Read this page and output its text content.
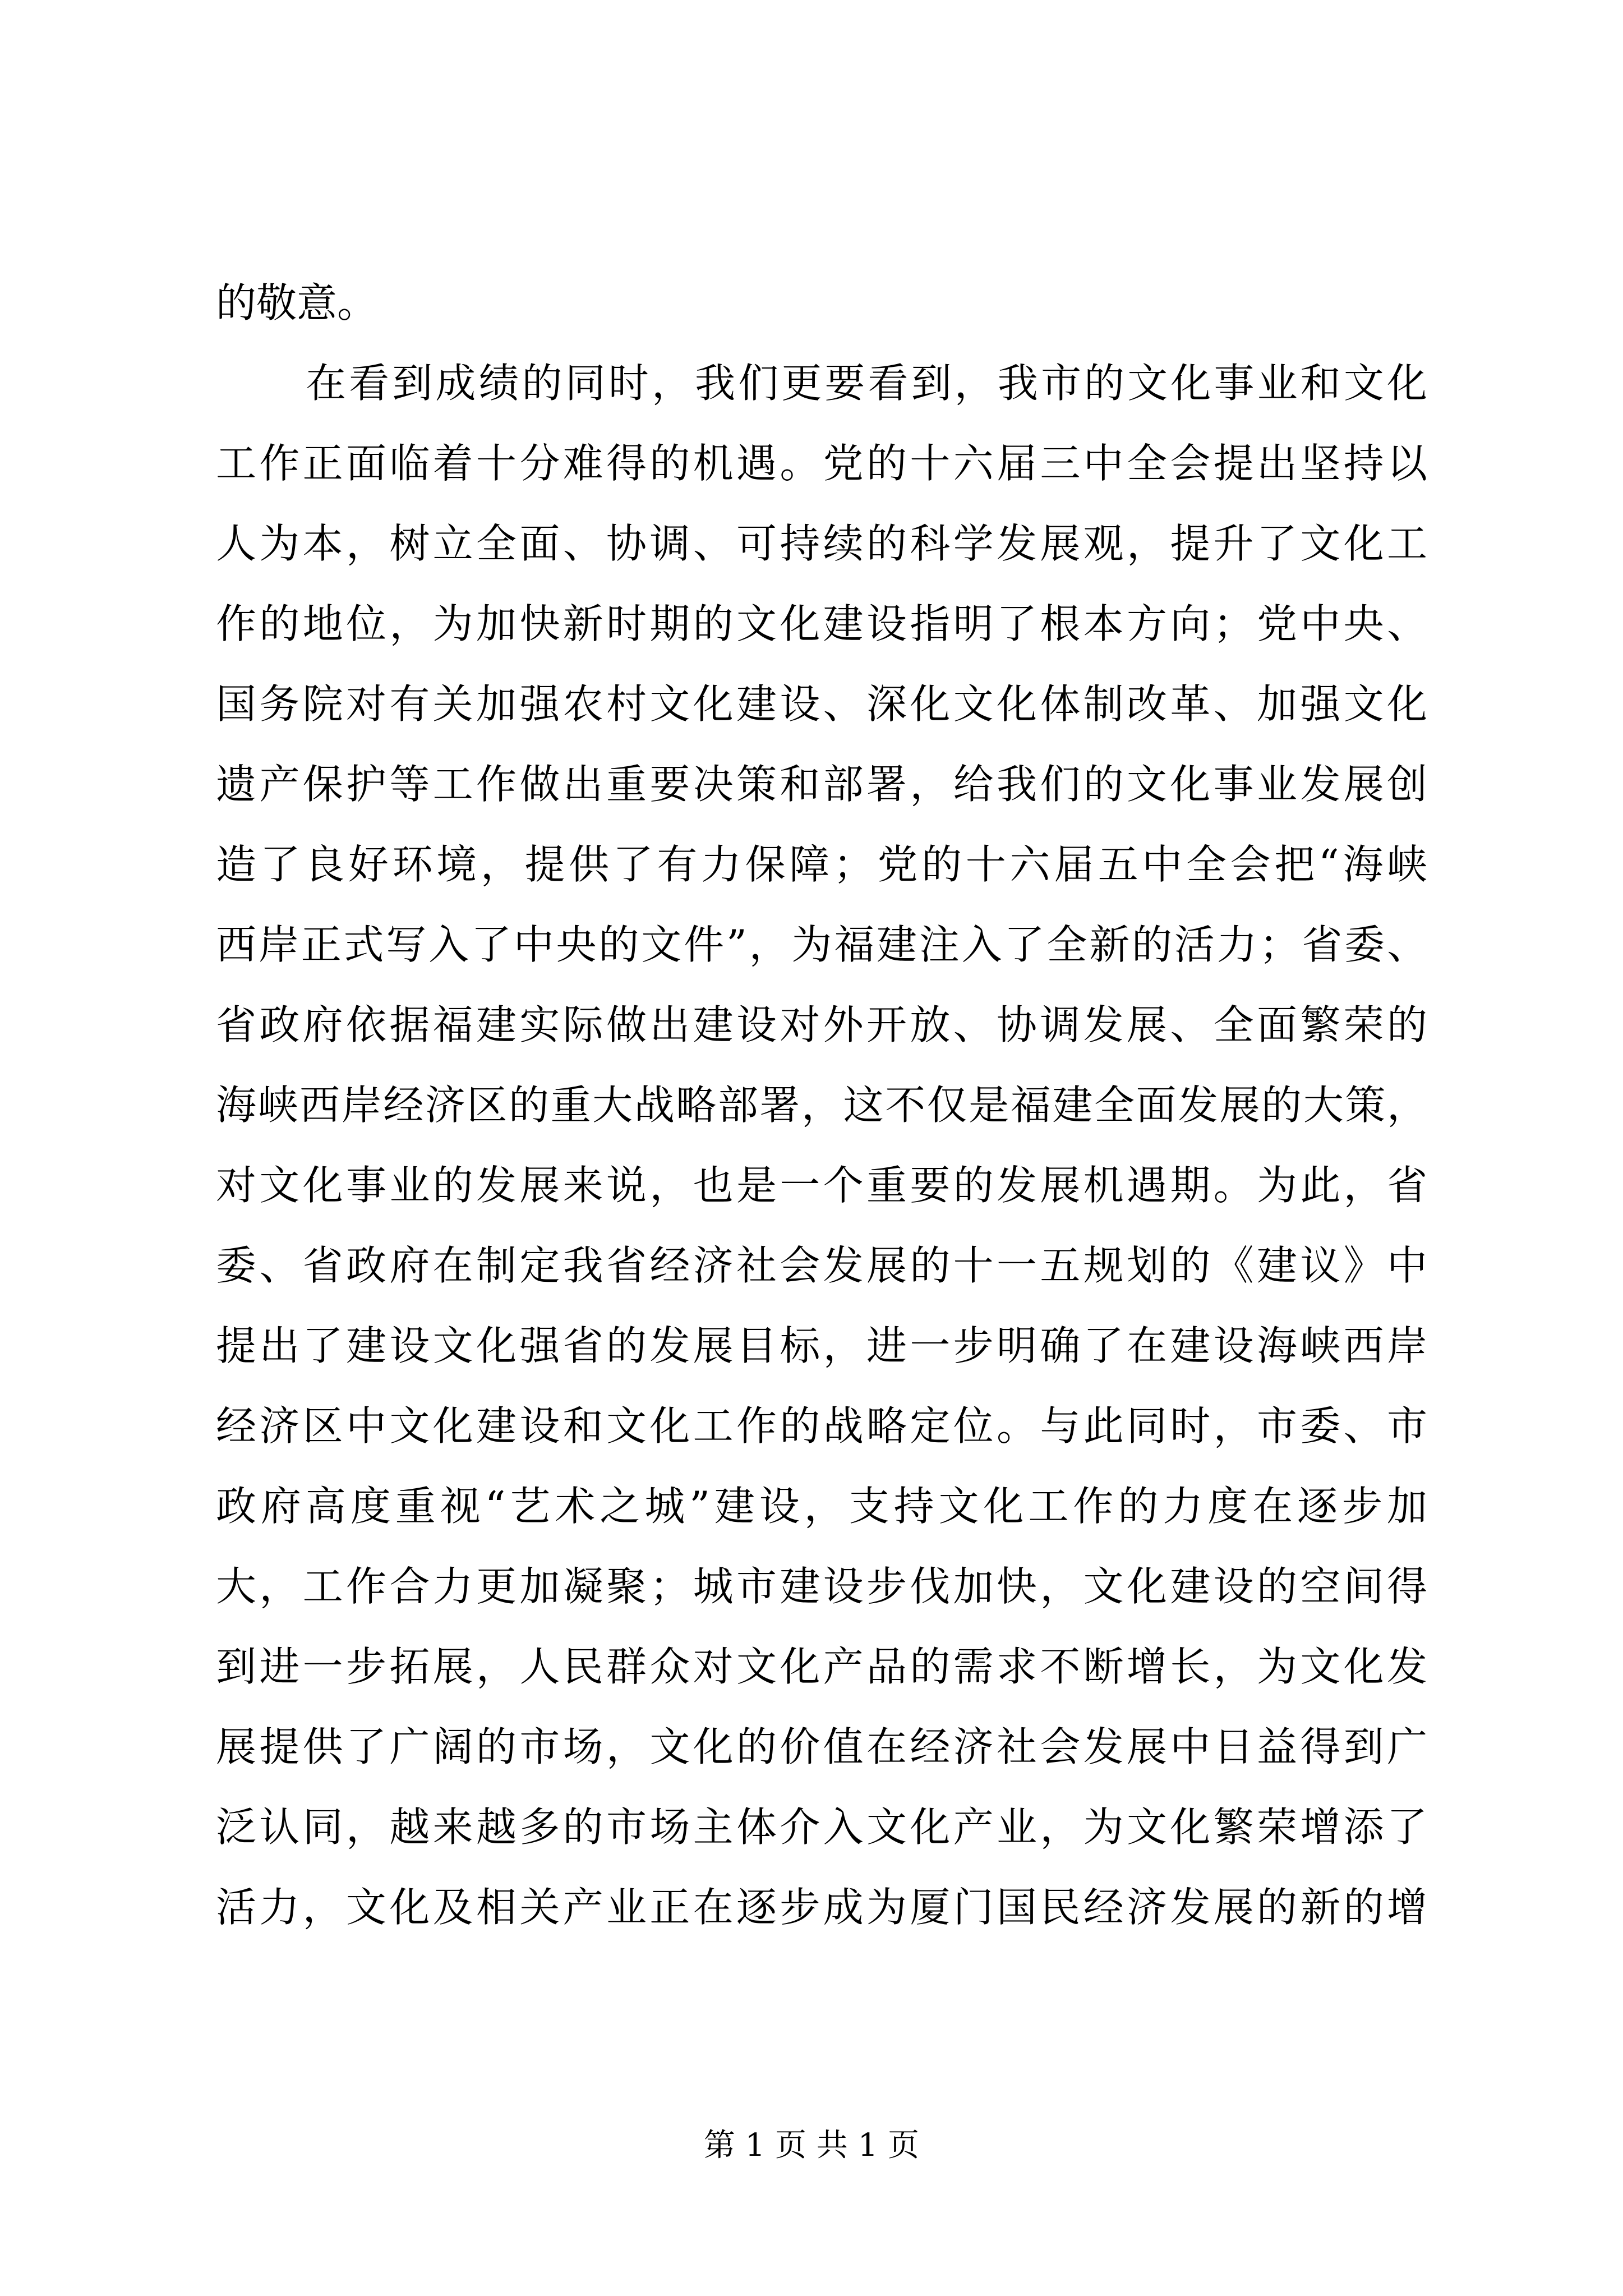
的敬意。
在看到成绩的同时，我们更要看到，我市的文化事业和文化
工作正面临着十分难得的机遇。党的十六届三中全会提出坚持以
人为本，树立全面、协调、可持续的科学发展观，提升了文化工
作的地位，为加快新时期的文化建设指明了根本方向；党中央、
国务院对有关加强农村文化建设、深化文化体制改革、加强文化
遗产保护等工作做出重要决策和部署，给我们的文化事业发展创
造了良好环境，提供了有力保障；党的十六届五中全会把“海峡
西岸正式写入了中央的文件”，为福建注入了全新的活力；省委、
省政府依据福建实际做出建设对外开放、协调发展、全面繁荣的
海峡西岸经济区的重大战略部署，这不仅是福建全面发展的大策，
对文化事业的发展来说，也是一个重要的发展机遇期。为此，省
委、省政府在制定我省经济社会发展的十一五规划的《建议》中
提出了建设文化强省的发展目标，进一步明确了在建设海峡西岸
经济区中文化建设和文化工作的战略定位。与此同时，市委、市
政府高度重视“艺术之城”建设，支持文化工作的力度在逐步加
大，工作合力更加凝聚；城市建设步伐加快，文化建设的空间得
到进一步拓展，人民群众对文化产品的需求不断增长，为文化发
展提供了广阔的市场，文化的价值在经济社会发展中日益得到广
泛认同，越来越多的市场主体介入文化产业，为文化繁荣增添了
活力，文化及相关产业正在逐步成为厦门国民经济发展的新的增
第 1 页 共 1 页
